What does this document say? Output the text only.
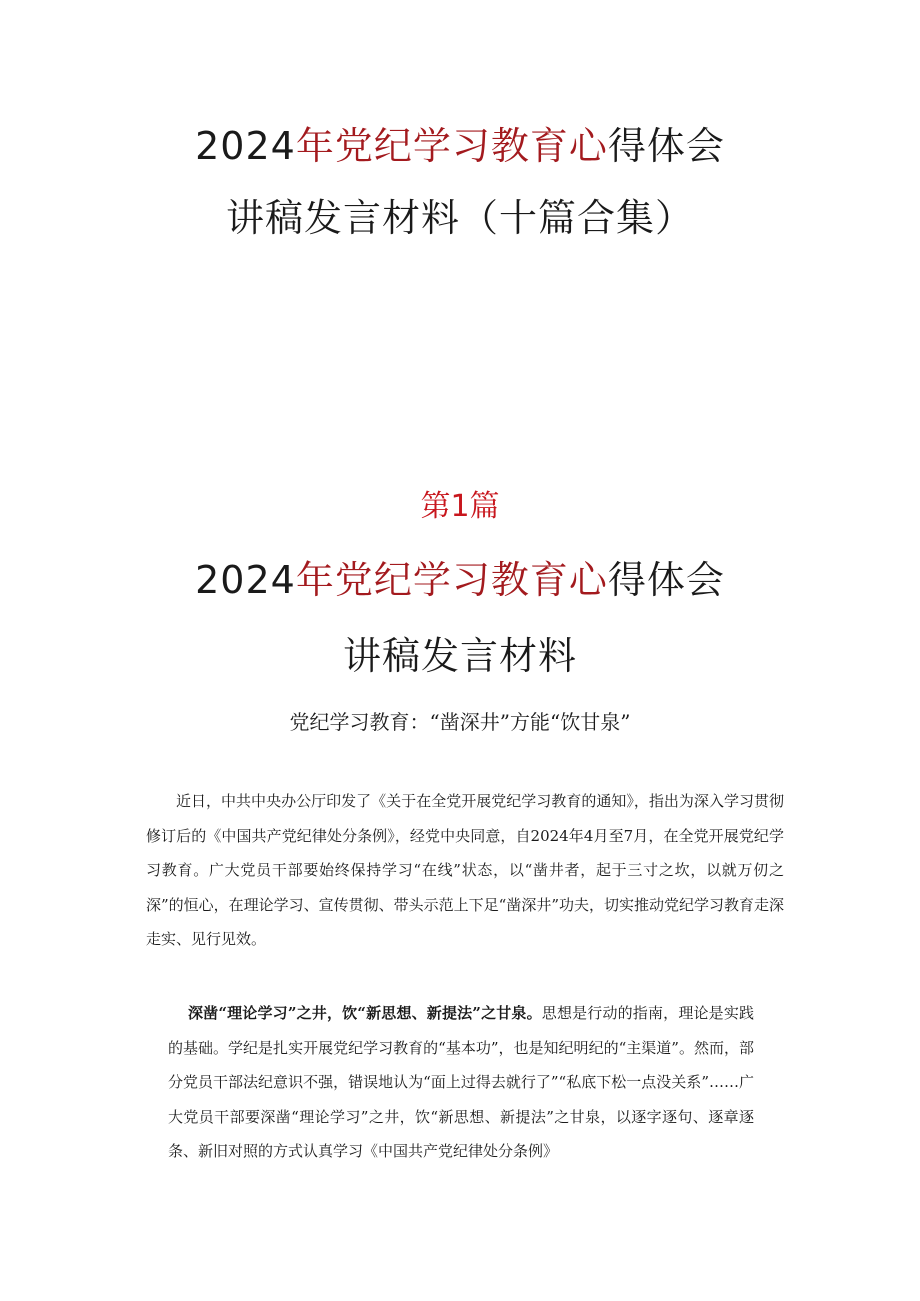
2024年党纪学习教育心得体会
讲稿发言材料（十篇合集）
第1篇
2024年党纪学习教育心得体会
讲稿发言材料
党纪学习教育：“凿深井”方能“饮甘泉”
近日，中共中央办公厅印发了《关于在全党开展党纪学习教育的通知》，指出为深入学习贯彻修订后的《中国共产党纪律处分条例》，经党中央同意，自2024年4月至7月，在全党开展党纪学习教育。广大党员干部要始终保持学习“在线”状态，以“凿井者，起于三寸之坎，以就万仞之深”的恒心，在理论学习、宣传贯彻、带头示范上下足“凿深井”功夫，切实推动党纪学习教育走深走实、见行见效。
深凿“理论学习”之井，饮“新思想、新提法”之甘泉。思想是行动的指南，理论是实践的基础。学纪是扎实开展党纪学习教育的“基本功”，也是知纪明纪的“主渠道”。然而，部分党员干部法纪意识不强，错误地认为“面上过得去就行了”“私底下松一点没关系”……广大党员干部要深凿“理论学习”之井，饮“新思想、新提法”之甘泉，以逐字逐句、逐章逐条、新旧对照的方式认真学习《中国共产党纪律处分条例》
